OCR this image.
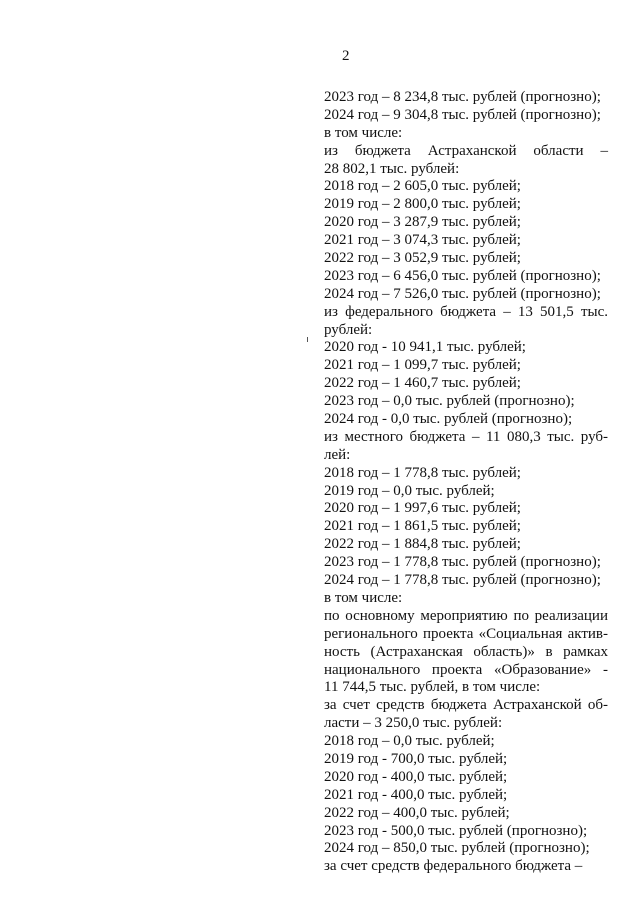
2
2023 год – 8 234,8 тыс. рублей (прогнозно);
2024 год – 9 304,8 тыс. рублей (прогнозно);
в том числе:
из бюджета Астраханской области –
28 802,1 тыс. рублей:
2018 год – 2 605,0 тыс. рублей;
2019 год – 2 800,0 тыс. рублей;
2020 год – 3 287,9 тыс. рублей;
2021 год – 3 074,3 тыс. рублей;
2022 год – 3 052,9 тыс. рублей;
2023 год – 6 456,0 тыс. рублей (прогнозно);
2024 год – 7 526,0 тыс. рублей (прогнозно);
из федерального бюджета – 13 501,5 тыс.
рублей:
2020 год - 10 941,1 тыс. рублей;
2021 год – 1 099,7 тыс. рублей;
2022 год – 1 460,7 тыс. рублей;
2023 год – 0,0 тыс. рублей (прогнозно);
2024 год - 0,0 тыс. рублей (прогнозно);
из местного бюджета – 11 080,3 тыс. руб-
лей:
2018 год – 1 778,8 тыс. рублей;
2019 год – 0,0 тыс. рублей;
2020 год – 1 997,6 тыс. рублей;
2021 год – 1 861,5 тыс. рублей;
2022 год – 1 884,8 тыс. рублей;
2023 год – 1 778,8 тыс. рублей (прогнозно);
2024 год – 1 778,8 тыс. рублей (прогнозно);
в том числе:
по основному мероприятию по реализации
регионального проекта «Социальная актив-
ность (Астраханская область)» в рамках
национального проекта «Образование» -
11 744,5 тыс. рублей, в том числе:
за счет средств бюджета Астраханской об-
ласти – 3 250,0 тыс. рублей:
2018 год – 0,0 тыс. рублей;
2019 год - 700,0 тыс. рублей;
2020 год - 400,0 тыс. рублей;
2021 год - 400,0 тыс. рублей;
2022 год – 400,0 тыс. рублей;
2023 год - 500,0 тыс. рублей (прогнозно);
2024 год – 850,0 тыс. рублей (прогнозно);
за счет средств федерального бюджета –
